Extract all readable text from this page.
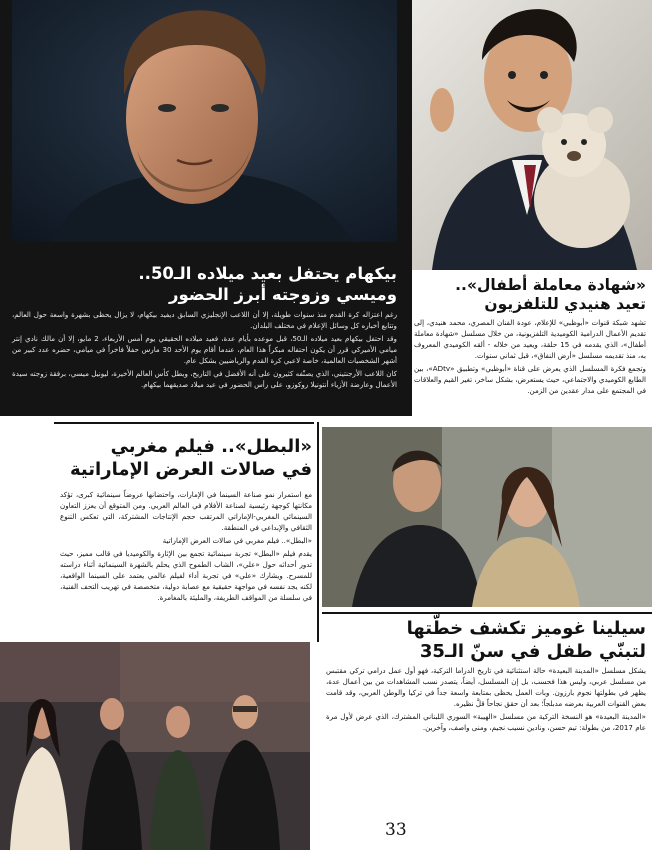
بيكهام يحتفل بعيد ميلاده الـ50..

وميسي وزوجته أبرز الحضور

رغم اعتزاله كرة القدم منذ سنوات طويلة، إلا أن اللاعب الإنجليزي السابق ديفيد بيكهام، لا يزال يحظى بشهرة واسعة حول العالم، وتتابع أخباره كل وسائل الإعلام في مختلف البلدان.

وقد احتفل بيكهام بعيد ميلاده الـ50، قبل موعده بأيام عدة، فعيد ميلاده الحقيقي يوم أمس الأربعاء، 2 مايو، إلا أن مالك نادي إنتر ميامي الأميركي قرر أن يكون احتفاله مبكراً هذا العام، عندما أقام يوم الأحد 30 مارس حفلاً فاخراً في ميامي، حضره عدد كبير من أشهر الشخصيات العالمية، خاصة لاعبي كرة القدم والرياضيين بشكل عام.

كان اللاعب الأرجنتيني، الذي يصنّفه كثيرون على أنه الأفضل في التاريخ، وبطل كأس العالم الأخيرة، ليونيل ميسي، برفقة زوجته سيدة الأعمال وعارضة الأزياء أنتونيلا روكوزو، على رأس الحضور في عيد ميلاد صديقهما بيكهام.

«شهادة معاملة أطفال»..

تعيد هنيدي للتلفزيون

تشهد شبكة قنوات «أبوظبي» للإعلام، عودة الفنان المصري، محمد هنيدي، إلى تقديم الأعمال الدرامية الكوميدية التلفزيونية، من خلال مسلسل «شهادة معاملة أطفال»، الذي يقدمه في 15 حلقة، ويعيد من خلاله - ألقه الكوميدي المعروف به، منذ تقديمه مسلسل «أرض النفاق»، قبل ثماني سنوات.

وتجمع فكرة المسلسل الذي يعرض على قناة «أبوظبي» وتطبيق «ADtv»، بين الطابع الكوميدي والاجتماعي، حيث يستعرض، بشكل ساخر، تغير القيم والعلاقات في المجتمع على مدار عقدين من الزمن.

«البطل».. فيلم مغربي

في صالات العرض الإماراتية

مع استمرار نمو صناعة السينما في الإمارات، واحتضانها عروضاً سينمائية كبرى، تؤكد مكانتها كوجهة رئيسية لصناعة الأفلام في العالم العربي. ومن المتوقع أن يعزز التعاون السينمائي المغربي-الإماراتي المرتقب حجم الإنتاجات المشتركة، التي تعكس التنوع الثقافي والإبداعي في المنطقة.

«البطل».. فيلم مغربي في صالات العرض الإماراتية

يقدم فيلم «البطل» تجربة سينمائية تجمع بين الإثارة والكوميديا في قالب مميز، حيث تدور أحداثه حول «علي»، الشاب الطموح الذي يحلم بالشهرة السينمائية أثناء دراسته للمسرح. ويشارك «علي» في تجربة أداء لفيلم عالمي يعتمد على السينما الواقعية، لكنه يجد نفسه في مواجهة حقيقية مع عصابة دولية، متخصصة في تهريب التحف الفنية، في سلسلة من المواقف الطريفة، والمليئة بالمغامرة.

سيلينا غوميز تكشف خطّتها

لتبنّي طفل في سنّ الـ35

يشكل مسلسل «المدينة البعيدة» حالة استثنائية في تاريخ الدراما التركية، فهو أول عمل درامي تركي مقتبس من مسلسل عربي، وليس هذا فحسب، بل إن المسلسل، أيضاً، يتصدر نسب المشاهدات من بين أعمال عدة، يظهر في بطولتها نجوم بارزون. وبات العمل يحظى بمتابعة واسعة جداً في تركيا والوطن العربي، وقد قامت بعض القنوات العربية بعرضه مدبلجاً؛ بعد أن حقق نجاحاً قلَّ نظيره.

«المدينة البعيدة» هو النسخة التركية من مسلسل «الهيبة» السوري اللبناني المشترك، الذي عرض لأول مرة عام 2017، من بطولة: تيم حسن، ونادين نسيب نجيم، ومنى واصف، وآخرين.

33
